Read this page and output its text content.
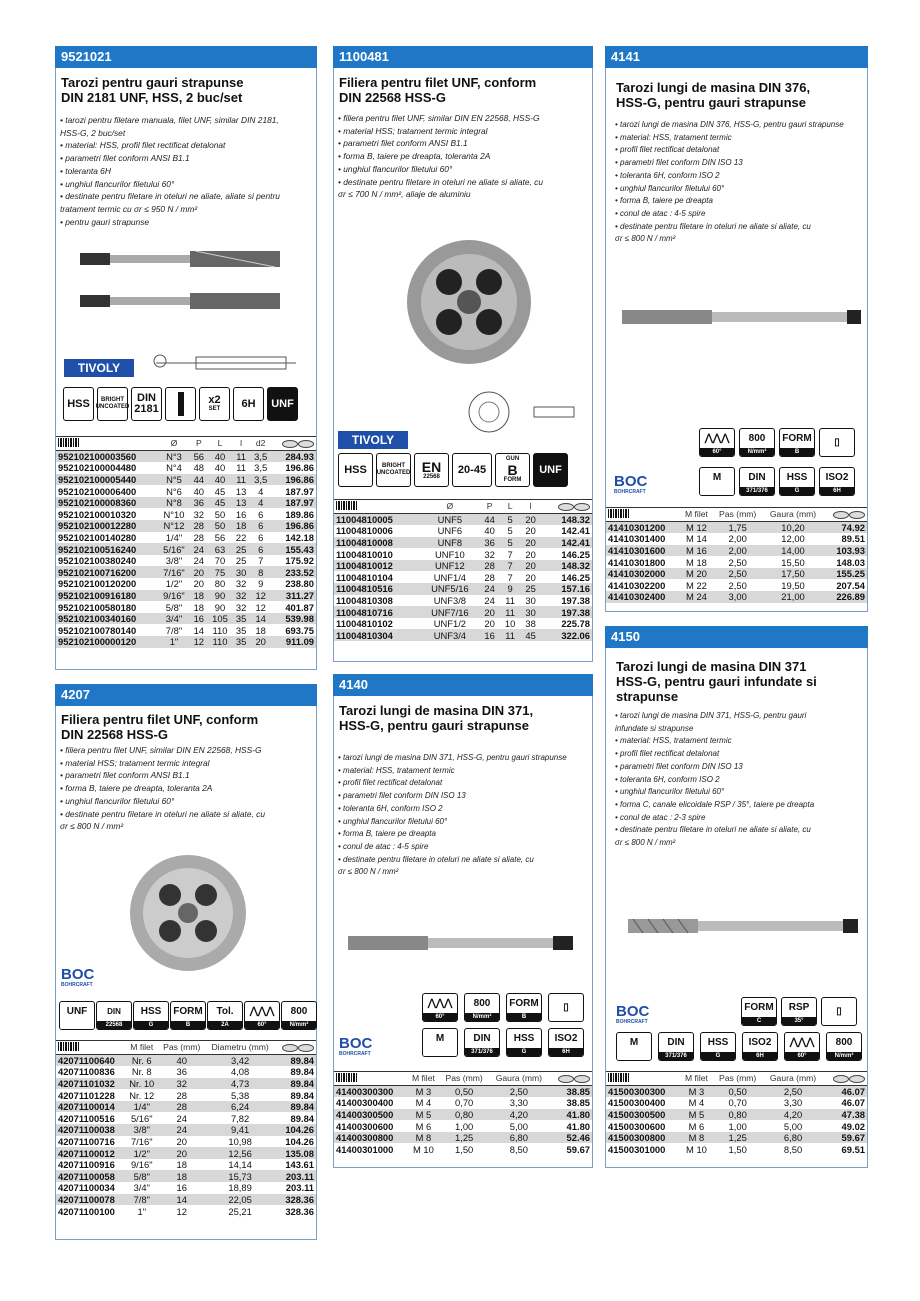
9521021
Tarozi pentru gauri strapunse
DIN 2181 UNF, HSS, 2 buc/set
• tarozi pentru filetare manuala, filet UNF, similar DIN 2181,
HSS-G, 2 buc/set
• material: HSS, profil filet rectificat detalonat
• parametri filet conform ANSI B1.1
• toleranta 6H
• unghiul flancurilor filetului 60°
• destinate pentru filetare in oteluri ne aliate, aliate si pentru
tratament termic cu σr ≤ 950 N / mm²
• pentru gauri strapunse
TIVOLY
HSS	BRIGHT
UNCOATED
DIN
2181
x2
SET	6H	UNF
	Ø	P	L	l	d2	
952102100003560	N°3	56	40	11	3,5	284.93
952102100004480	N°4	48	40	11	3,5	196.86
952102100005440	N°5	44	40	11	3,5	196.86
952102100006400	N°6	40	45	13	4	187.97
952102100008360	N°8	36	45	13	4	187.97
952102100010320	N°10	32	50	16	6	189.86
952102100012280	N°12	28	50	18	6	196.86
952102100140280	1/4"	28	56	22	6	142.18
952102100516240	5/16"	24	63	25	6	155.43
952102100380240	3/8"	24	70	25	7	175.92
952102100716200	7/16"	20	75	30	8	233.52
952102100120200	1/2"	20	80	32	9	238.80
952102100916180	9/16"	18	90	32	12	311.27
952102100580180	5/8"	18	90	32	12	401.87
952102100340160	3/4"	16	105	35	14	539.98
952102100780140	7/8"	14	110	35	18	693.75
952102100000120	1"	12	110	35	20	911.09
1100481
Filiera pentru filet UNF, conform
DIN 22568 HSS-G
• filiera pentru filet UNF, similar DIN EN 22568, HSS-G
• material HSS; tratament termic integral
• parametri filet conform ANSI B1.1
• forma B, taiere pe dreapta, toleranta 2A
• unghiul flancurilor filetului 60°
• destinate pentru filetare in oteluri ne aliate si aliate, cu
σr ≤ 700 N / mm², aliaje de aluminiu
TIVOLY
HSS	BRIGHT
UNCOATED EN
22568
20-45
GUN
B
FORM
UNF
	Ø	P	L	l	
11004810005	UNF5	44	5	20	148.32
11004810006	UNF6	40	5	20	142.41
11004810008	UNF8	36	5	20	142.41
11004810010	UNF10	32	7	20	146.25
11004810012	UNF12	28	7	20	148.32
11004810104	UNF1/4	28	7	20	146.25
11004810516	UNF5/16	24	9	25	157.16
11004810308	UNF3/8	24	11	30	197.38
11004810716	UNF7/16	20	11	30	197.38
11004810102	UNF1/2	20	10	38	225.78
11004810304	UNF3/4	16	11	45	322.06
4141
Tarozi lungi de masina DIN 376,
HSS-G, pentru gauri strapunse
• tarozi lungi de masina DIN 376, HSS-G, pentru gauri strapunse
• material: HSS, tratament termic
• profil filet rectificat detalonat
• parametri filet conform DIN ISO 13
• toleranta 6H, conform ISO 2
• unghiul flancurilor filetului 60°
• forma B, taiere pe dreapta
• conul de atac : 4-5 spire
• destinate pentru filetare in oteluri ne aliate si aliate, cu
σr ≤ 800 N / mm²
⋀⋀⋀
60°
800
N/mm²
FORM
B
▯
BOC
BOHRCRAFT
M	DIN
371/376
HSS
G
ISO2
6H
	M filet	Pas (mm)	Gaura (mm)	
41410301200	M 12	1,75	10,20	74.92
41410301400	M 14	2,00	12,00	89.51
41410301600	M 16	2,00	14,00	103.93
41410301800	M 18	2,50	15,50	148.03
41410302000	M 20	2,50	17,50	155.25
41410302200	M 22	2,50	19,50	207.54
41410302400	M 24	3,00	21,00	226.89
4207
Filiera pentru filet UNF, conform
DIN 22568 HSS-G
• filiera pentru filet UNF, similar DIN EN 22568, HSS-G
• material HSS; tratament termic integral
• parametri filet conform ANSI B1.1
• forma B, taiere pe dreapta, toleranta 2A
• unghiul flancurilor filetului 60°
• destinate pentru filetare in oteluri ne aliate si aliate, cu
σr ≤ 800 N / mm²
BOC
BOHRCRAFT
UNF DIN
22568
HSS
G
FORM
B
Tol.
2A
⋀⋀⋀
60°
800
N/mm²
	M filet	Pas (mm)	Diametru (mm)	
42071100640	Nr. 6	40	3,42	89.84
42071100836	Nr. 8	36	4,08	89.84
42071101032	Nr. 10	32	4,73	89.84
42071101228	Nr. 12	28	5,38	89.84
42071100014	1/4"	28	6,24	89.84
42071100516	5/16"	24	7,82	89.84
42071100038	3/8"	24	9,41	104.26
42071100716	7/16"	20	10,98	104.26
42071100012	1/2"	20	12,56	135.08
42071100916	9/16"	18	14,14	143.61
42071100058	5/8"	18	15,73	203.11
42071100034	3/4"	16	18,89	203.11
42071100078	7/8"	14	22,05	328.36
42071100100	1"	12	25,21	328.36
4140
Tarozi lungi de masina DIN 371,
HSS-G, pentru gauri strapunse
• tarozi lungi de masina DIN 371, HSS-G, pentru gauri strapunse
• material: HSS, tratament termic
• profil filet rectificat detalonat
• parametri filet conform DIN ISO 13
• toleranta 6H, conform ISO 2
• unghiul flancurilor filetului 60°
• forma B, taiere pe dreapta
• conul de atac : 4-5 spire
• destinate pentru filetare in oteluri ne aliate si aliate, cu
σr ≤ 800 N / mm²
⋀⋀⋀
60°
800
N/mm²
FORM
B
▯
BOC
BOHRCRAFT
M	DIN
371/376
HSS
G
ISO2
6H
	M filet	Pas (mm)	Gaura (mm)	
41400300300	M 3	0,50	2,50	38.85
41400300400	M 4	0,70	3,30	38.85
41400300500	M 5	0,80	4,20	41.80
41400300600	M 6	1,00	5,00	41.80
41400300800	M 8	1,25	6,80	52.46
41400301000	M 10	1,50	8,50	59.67
4150
Tarozi lungi de masina DIN 371
HSS-G, pentru gauri infundate si
strapunse
• tarozi lungi de masina DIN 371, HSS-G, pentru gauri
infundate si strapunse
• material: HSS, tratament termic
• profil filet rectificat detalonat
• parametri filet conform DIN ISO 13
• toleranta 6H, conform ISO 2
• unghiul flancurilor filetului 60°
• forma C, canale elicoidale RSP / 35°, taiere pe dreapta
• conul de atac : 2-3 spire
• destinate pentru filetare in oteluri ne aliate si aliate, cu
σr ≤ 800 N / mm²
FORM
C
RSP
35°
▯
BOC
BOHRCRAFT
M	DIN
371/376
HSS
G
ISO2
6H
⋀⋀⋀
60°
800
N/mm²
	M filet	Pas (mm)	Gaura (mm)	
41500300300	M 3	0,50	2,50	46.07
41500300400	M 4	0,70	3,30	46.07
41500300500	M 5	0,80	4,20	47.38
41500300600	M 6	1,00	5,00	49.02
41500300800	M 8	1,25	6,80	59.67
41500301000	M 10	1,50	8,50	69.51
